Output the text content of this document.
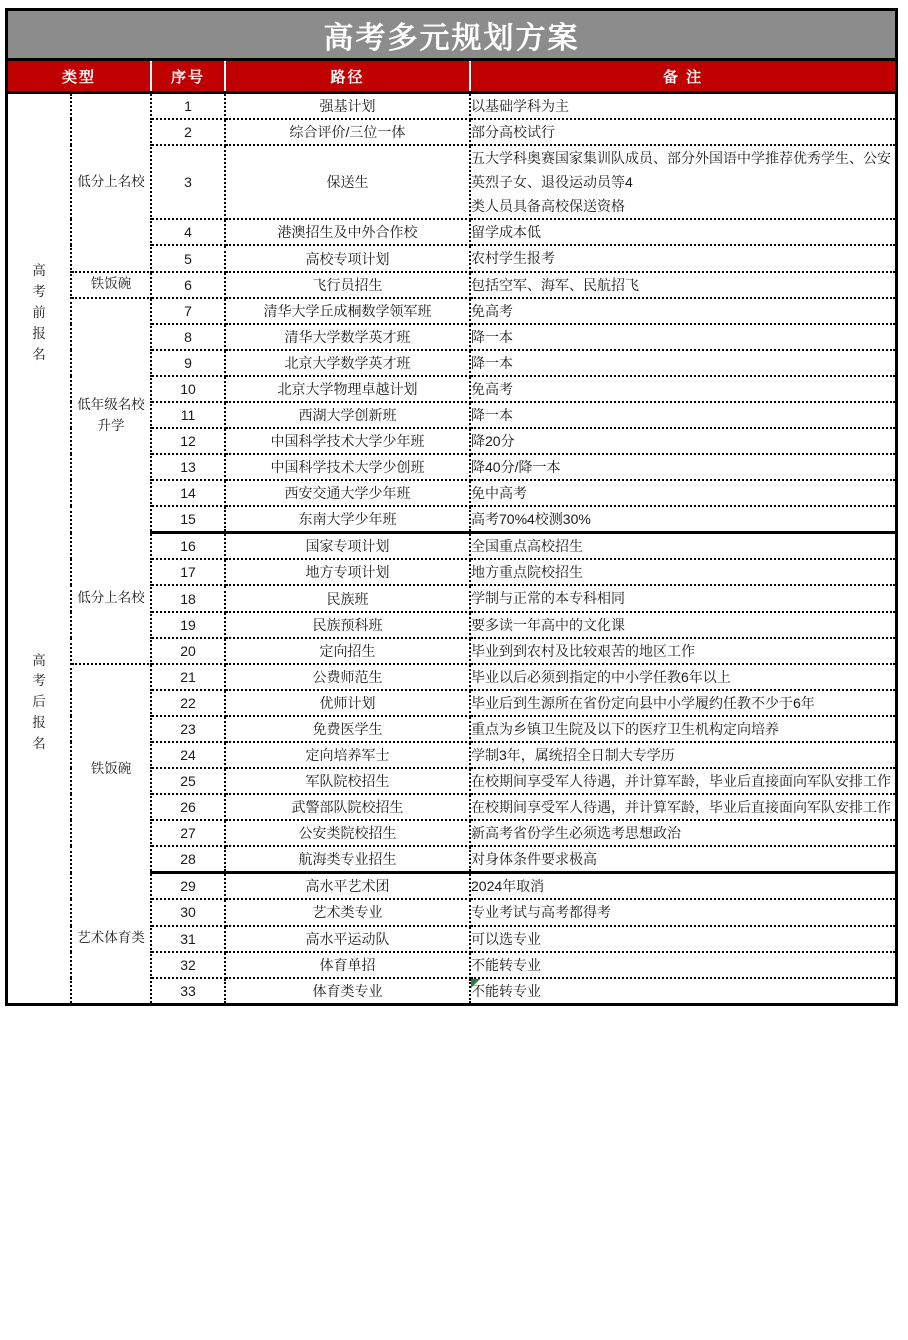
高考多元规划方案				
类型		序号	路径	备 注
高考前报名	低分上名校	1	强基计划	以基础学科为主
		2	综合评价/三位一体	部分高校试行
		3	保送生	五大学科奥赛国家集训队成员、部分外国语中学推荐优秀学生、公安英烈子女、退役运动员等4
类人员具备高校保送资格
		4	港澳招生及中外合作校	留学成本低
		5	高校专项计划	农村学生报考
	铁饭碗	6	飞行员招生	包括空军、海军、民航招飞
	低年级名校升学	7	清华大学丘成桐数学领军班	免高考
		8	清华大学数学英才班	降一本
		9	北京大学数学英才班	降一本
		10	北京大学物理卓越计划	免高考
		11	西湖大学创新班	降一本
		12	中国科学技术大学少年班	降20分
		13	中国科学技术大学少创班	降40分/降一本
		14	西安交通大学少年班	免中高考
		15	东南大学少年班	高考70%4校测30%
高考后报名	低分上名校	16	国家专项计划	全国重点高校招生
		17	地方专项计划	地方重点院校招生
		18	民族班	学制与正常的本专科相同
		19	民族预科班	要多读一年高中的文化课
		20	定向招生	毕业到到农村及比较艰苦的地区工作
	铁饭碗	21	公费师范生	毕业以后必须到指定的中小学任教6年以上
		22	优师计划	毕业后到生源所在省份定向县中小学履约任教不少于6年
		23	免费医学生	重点为乡镇卫生院及以下的医疗卫生机构定向培养
		24	定向培养军士	学制3年，属统招全日制大专学历
		25	军队院校招生	在校期间享受军人待遇，并计算军龄，毕业后直接面向军队安排工作
		26	武警部队院校招生	在校期间享受军人待遇，并计算军龄，毕业后直接面向军队安排工作
		27	公安类院校招生	新高考省份学生必须选考思想政治
		28	航海类专业招生	对身体条件要求极高
	艺术体育类	29	高水平艺术团	2024年取消
		30	艺术类专业	专业考试与高考都得考
		31	高水平运动队	可以选专业
		32	体育单招	不能转专业
		33	体育类专业	不能转专业
